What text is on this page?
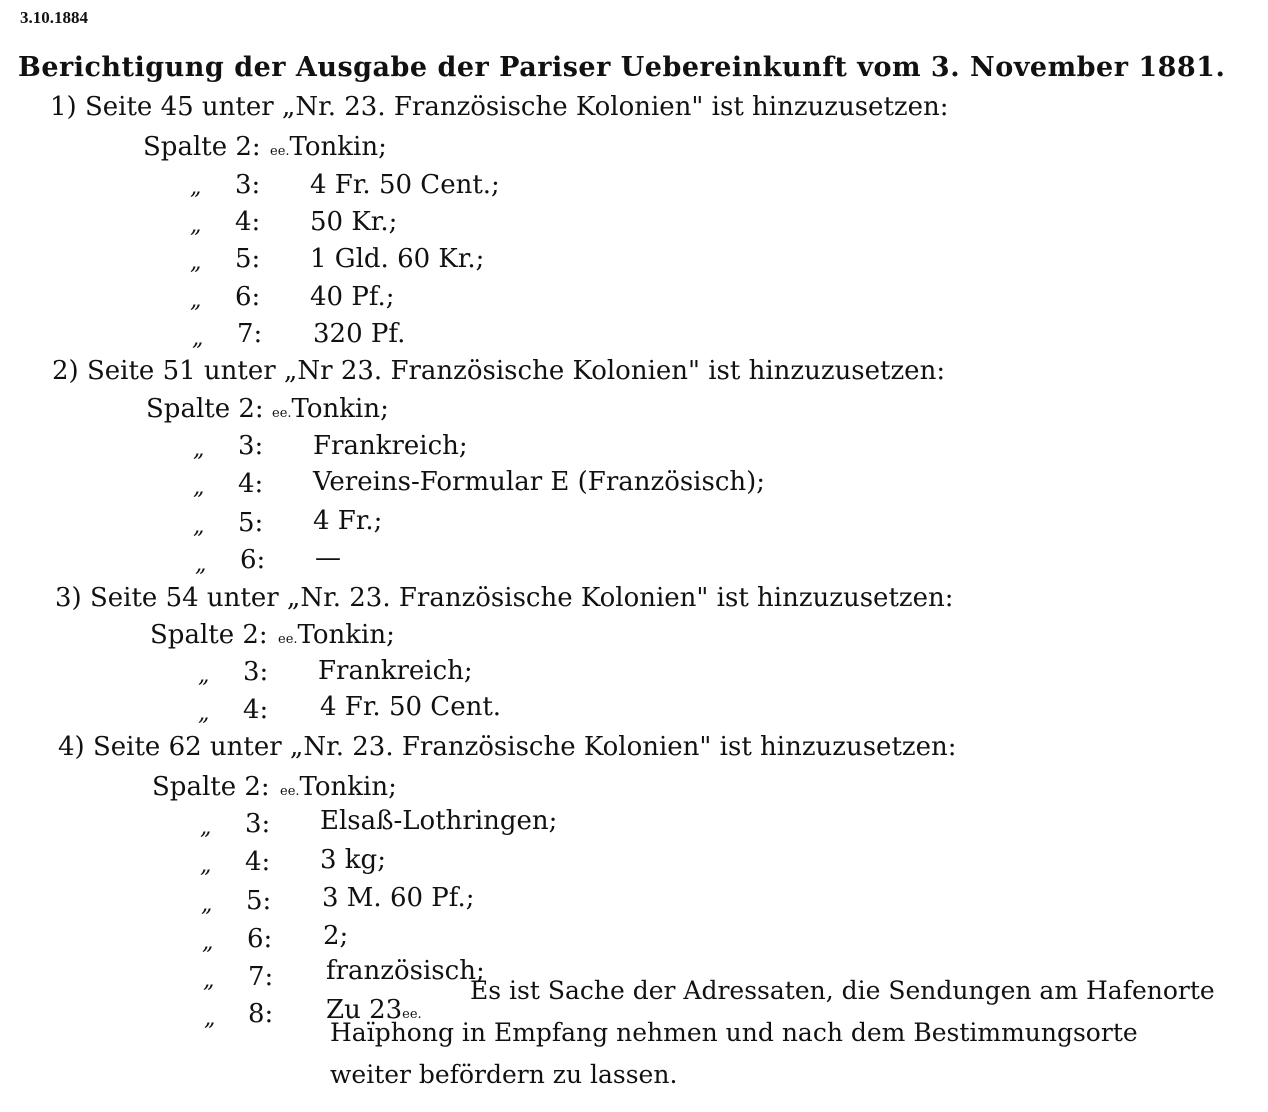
3.10.1884
Berichtigung der Ausgabe der Pariser Uebereinkunft vom 3. November 1881.
1) Seite 45 unter „Nr. 23. Französische Kolonien" ist hinzuzusetzen:
Spalte 2: ee.Tonkin;
„ 3: 4 Fr. 50 Cent.;
„ 4: 50 Kr.;
„ 5: 1 Gld. 60 Kr.;
„ 6: 40 Pf.;
„ 7: 320 Pf.
2) Seite 51 unter „Nr 23. Französische Kolonien" ist hinzuzusetzen:
Spalte 2: ee.Tonkin;
„ 3: Frankreich;
„ 4: Vereins-Formular E (Französisch);
„ 5: 4 Fr.;
„ 6: —
3) Seite 54 unter „Nr. 23. Französische Kolonien" ist hinzuzusetzen:
Spalte 2: ee.Tonkin;
„ 3: Frankreich;
„ 4: 4 Fr. 50 Cent.
4) Seite 62 unter „Nr. 23. Französische Kolonien" ist hinzuzusetzen:
Spalte 2: ee.Tonkin;
„ 3: Elsaß-Lothringen;
„ 4: 3 kg;
„ 5: 3 M. 60 Pf.;
„ 6: 2;
„ 7: französisch;
„ 8: Zu 23ee.
Es ist Sache der Adressaten, die Sendungen am Hafenorte
Haïphong in Empfang nehmen und nach dem Bestimmungsorte
weiter befördern zu lassen.
